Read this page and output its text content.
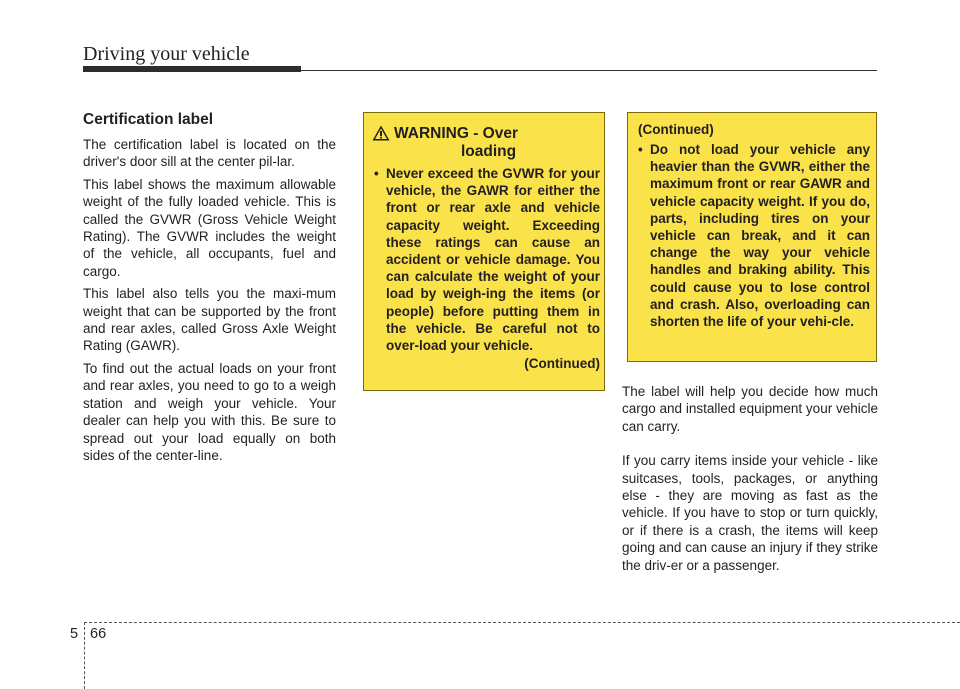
Driving your vehicle
Certification label

The certification label is located on the driver's door sill at the center pil-lar.

This label shows the maximum allowable weight of the fully loaded vehicle. This is called the GVWR (Gross Vehicle Weight Rating). The GVWR includes the weight of the vehicle, all occupants, fuel and cargo.

This label also tells you the maxi-mum weight that can be supported by the front and rear axles, called Gross Axle Weight Rating (GAWR).

To find out the actual loads on your front and rear axles, you need to go to a weigh station and weigh your vehicle. Your dealer can help you with this. Be sure to spread out your load equally on both sides of the center-line.

WARNING - Over
loading
• Never exceed the GVWR for your vehicle, the GAWR for either the front or rear axle and vehicle capacity weight. Exceeding these ratings can cause an accident or vehicle damage. You can calculate the weight of your load by weigh-ing the items (or people) before putting them in the vehicle. Be careful not to over-load your vehicle.
(Continued)
(Continued)
• Do not load your vehicle any heavier than the GVWR, either the maximum front or rear GAWR and vehicle capacity weight. If you do, parts, including tires on your vehicle can break, and it can change the way your vehicle handles and braking ability. This could cause you to lose control and crash. Also, overloading can shorten the life of your vehi-cle.

The label will help you decide how much cargo and installed equipment your vehicle can carry.

If you carry items inside your vehicle - like suitcases, tools, packages, or anything else - they are moving as fast as the vehicle. If you have to stop or turn quickly, or if there is a crash, the items will keep going and can cause an injury if they strike the driv-er or a passenger.

5 66
